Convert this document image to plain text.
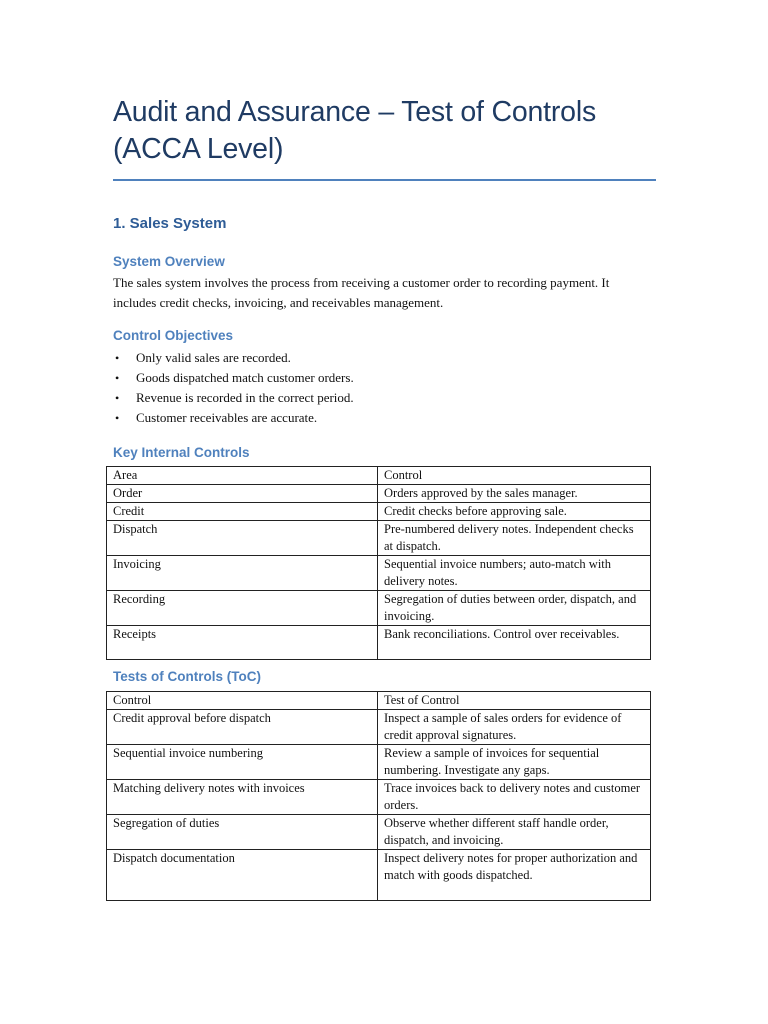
Audit and Assurance – Test of Controls (ACCA Level)
1. Sales System
System Overview

The sales system involves the process from receiving a customer order to recording payment. It includes credit checks, invoicing, and receivables management.

Control Objectives
• Only valid sales are recorded.
• Goods dispatched match customer orders.
• Revenue is recorded in the correct period.
• Customer receivables are accurate.
Key Internal Controls
Area	Control
Order	Orders approved by the sales manager.
Credit	Credit checks before approving sale.
Dispatch	Pre-numbered delivery notes. Independent checks at dispatch.
Invoicing	Sequential invoice numbers; auto-match with delivery notes.
Recording	Segregation of duties between order, dispatch, and invoicing.
Receipts	Bank reconciliations. Control over receivables.
Tests of Controls (ToC)
Control	Test of Control
Credit approval before dispatch	Inspect a sample of sales orders for evidence of credit approval signatures.
Sequential invoice numbering	Review a sample of invoices for sequential numbering. Investigate any gaps.
Matching delivery notes with invoices	Trace invoices back to delivery notes and customer orders.
Segregation of duties	Observe whether different staff handle order, dispatch, and invoicing.
Dispatch documentation	Inspect delivery notes for proper authorization and match with goods dispatched.
